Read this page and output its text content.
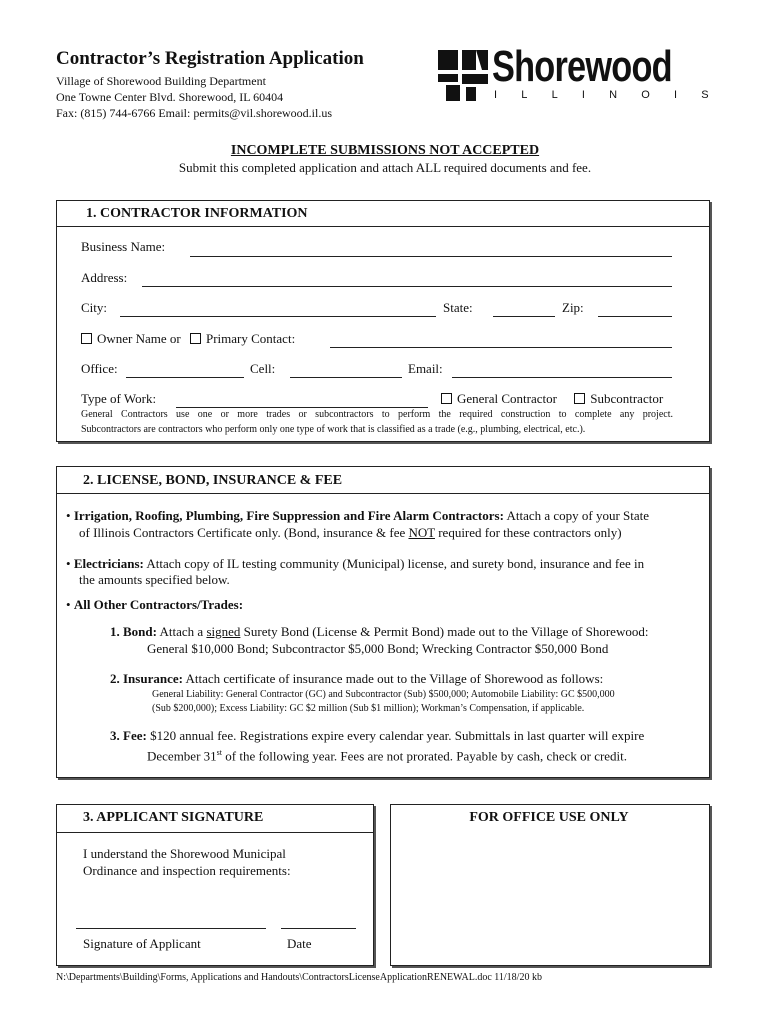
Contractor’s Registration Application
Village of Shorewood Building Department
One Towne Center Blvd. Shorewood, IL 60404
Fax: (815) 744-6766 Email: permits@vil.shorewood.il.us
Shorewood
ILLINOIS
INCOMPLETE SUBMISSIONS NOT ACCEPTED
Submit this completed application and attach ALL required documents and fee.
1. CONTRACTOR INFORMATION
Business Name:
Address:
City:	State:	Zip:
Owner Name or Primary Contact:
Office:	Cell:	Email:
Type of Work:	General Contractor	Subcontractor
General Contractors use one or more trades or subcontractors to perform the required construction to complete any project.
Subcontractors are contractors who perform only one type of work that is classified as a trade (e.g., plumbing, electrical, etc.).
2. LICENSE, BOND, INSURANCE & FEE
• Irrigation, Roofing, Plumbing, Fire Suppression and Fire Alarm Contractors: Attach a copy of your State
of Illinois Contractors Certificate only. (Bond, insurance & fee NOT required for these contractors only)
• Electricians: Attach copy of IL testing community (Municipal) license, and surety bond, insurance and fee in
the amounts specified below.
• All Other Contractors/Trades:
1. Bond: Attach a signed Surety Bond (License & Permit Bond) made out to the Village of Shorewood:
General $10,000 Bond; Subcontractor $5,000 Bond; Wrecking Contractor $50,000 Bond
2. Insurance: Attach certificate of insurance made out to the Village of Shorewood as follows:
General Liability: General Contractor (GC) and Subcontractor (Sub) $500,000; Automobile Liability: GC $500,000
(Sub $200,000); Excess Liability: GC $2 million (Sub $1 million); Workman’s Compensation, if applicable.
3. Fee: $120 annual fee. Registrations expire every calendar year. Submittals in last quarter will expire
December 31st of the following year. Fees are not prorated. Payable by cash, check or credit.
3. APPLICANT SIGNATURE
I understand the Shorewood Municipal
Ordinance and inspection requirements:
Signature of Applicant	Date
FOR OFFICE USE ONLY
N:\Departments\Building\Forms, Applications and Handouts\ContractorsLicenseApplicationRENEWAL.doc 11/18/20 kb
